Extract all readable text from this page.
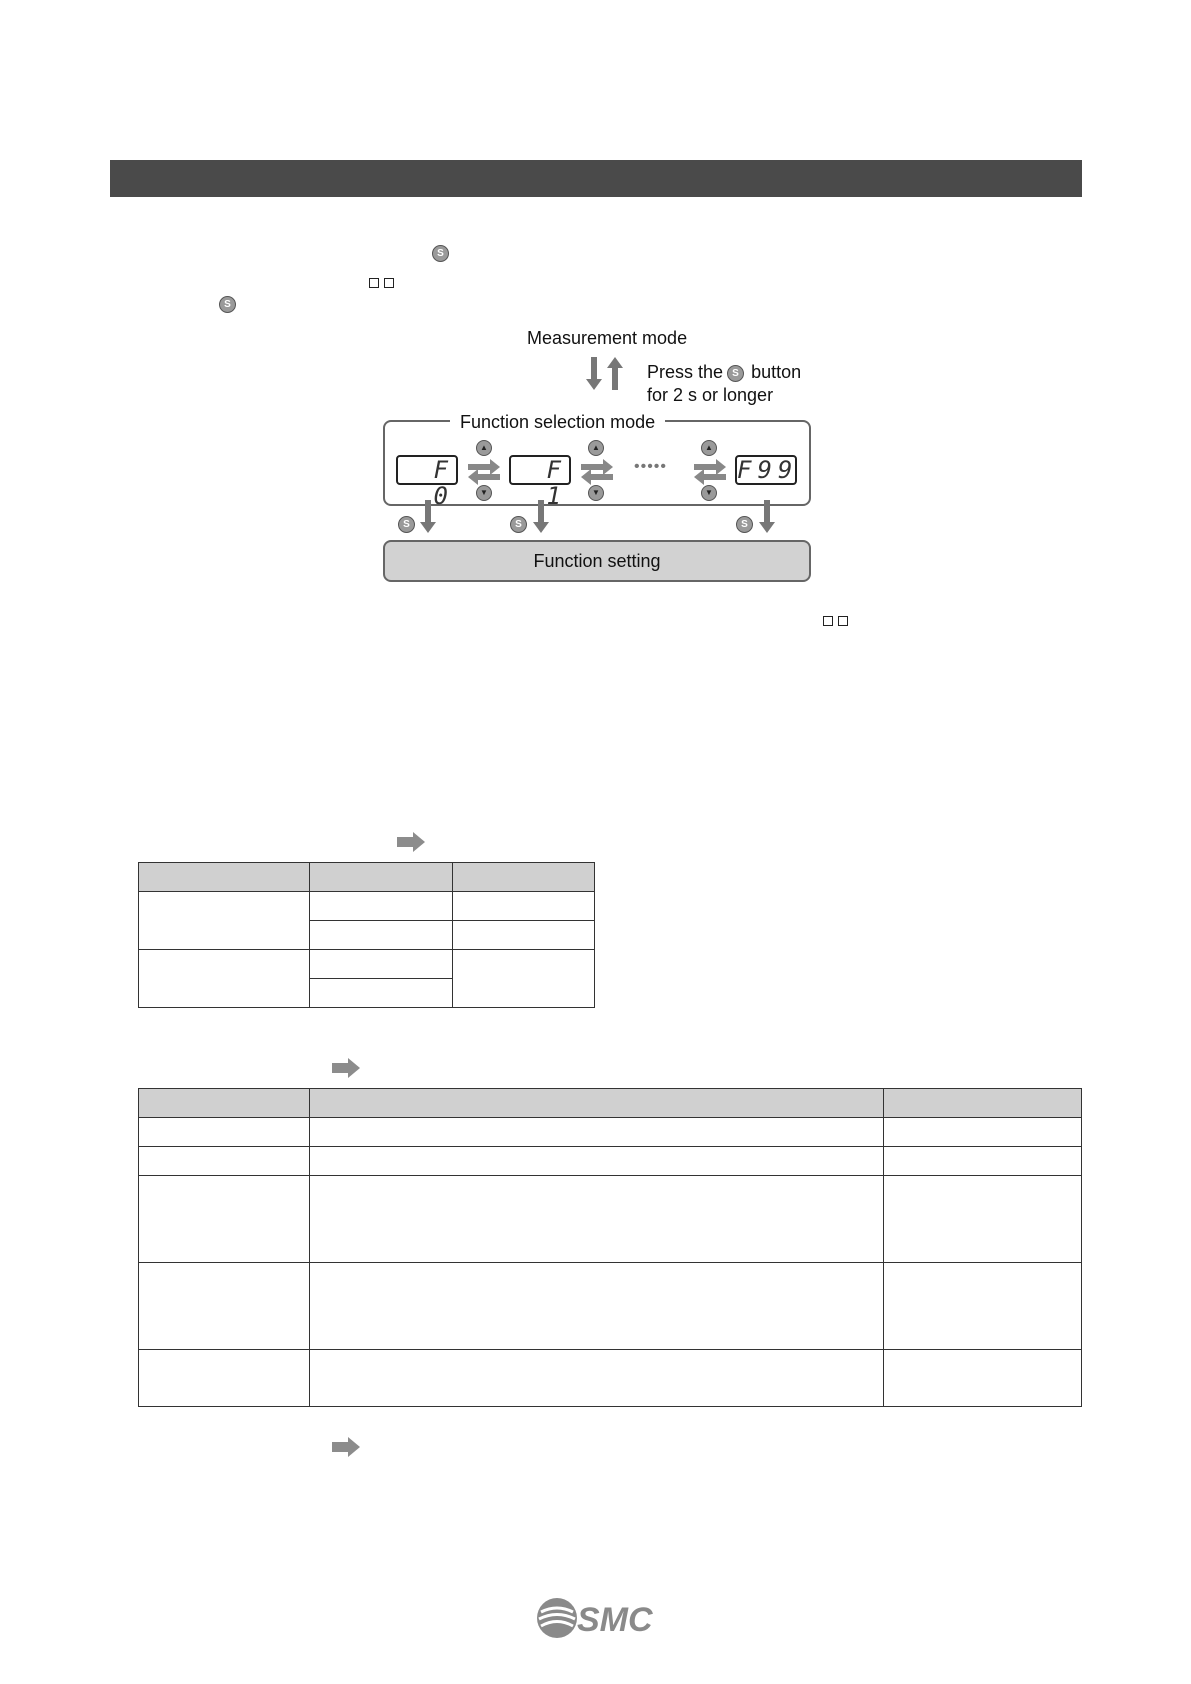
S
S
Measurement mode
Press the button
S
for 2 s or longer
Function selection mode
Function setting
F 0
F 1
F99
•••••
▲
▼
▲
▼
▲
▼
S
S
S

SMC
